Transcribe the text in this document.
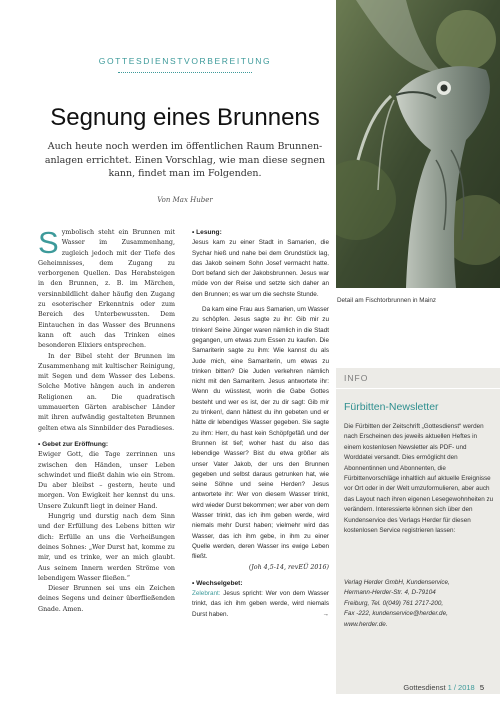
GOTTESDIENSTVORBEREITUNG
Segnung eines Brunnens
Auch heute noch werden im öffentlichen Raum Brunnen-anlagen errichtet. Einen Vorschlag, wie man diese segnen kann, findet man im Folgenden.
Von Max Huber

Symbolisch steht ein Brunnen mit Wasser im Zusammenhang, zugleich jedoch mit der Tiefe des Geheimnisses, dem Zugang zu verborgenen Quellen. Das Herabsteigen in den Brunnen, z. B. im Märchen, versinnbildlicht daher häufig den Zugang zu esoterischer Erkenntnis oder zum Bereich des Unterbewussten. Dem Eintauchen in das Wasser des Brunnens kann oft auch das Trinken eines besonderen Elixiers entsprechen.

In der Bibel steht der Brunnen im Zusammenhang mit kultischer Reinigung, mit Segen und dem Wasser des Lebens. Solche Motive hängen auch in anderen Religionen an. Die quadratisch ummauerten Gärten arabischer Länder mit ihren aufwändig gestalteten Brunnen gelten etwa als Sinnbilder des Paradieses.

• Gebet zur Eröffnung:

Ewiger Gott, die Tage zerrinnen uns zwischen den Händen, unser Leben schwindet und fließt dahin wie ein Strom. Du aber bleibst – gestern, heute und morgen. Von Ewigkeit her kennst du uns. Unsere Zukunft liegt in deiner Hand.

Hungrig und durstig nach dem Sinn und der Erfüllung des Lebens bitten wir dich: Erfülle an uns die Verheißungen deines Sohnes: „Wer Durst hat, komme zu mir, und es trinke, wer an mich glaubt. Aus seinem Innern werden Ströme von lebendigem Wasser fließen.“

Dieser Brunnen sei uns ein Zeichen deines Segens und deiner überfließenden Gnade. Amen.

• Lesung:

Jesus kam zu einer Stadt in Samarien, die Sychar hieß und nahe bei dem Grundstück lag, das Jakob seinem Sohn Josef vermacht hatte. Dort befand sich der Jakobsbrunnen. Jesus war müde von der Reise und setzte sich daher an den Brunnen; es war um die sechste Stunde.

Da kam eine Frau aus Samarien, um Wasser zu schöpfen. Jesus sagte zu ihr: Gib mir zu trinken! Seine Jünger waren nämlich in die Stadt gegangen, um etwas zum Essen zu kaufen. Die Samariterin sagte zu ihm: Wie kannst du als Jude mich, eine Samariterin, um etwas zu trinken bitten? Die Juden verkehren nämlich nicht mit den Samaritern. Jesus antwortete ihr: Wenn du wüsstest, worin die Gabe Gottes besteht und wer es ist, der zu dir sagt: Gib mir zu trinken!, dann hättest du ihn gebeten und er hätte dir lebendiges Wasser gegeben. Sie sagte zu ihm: Herr, du hast kein Schöpfgefäß und der Brunnen ist tief; woher hast du also das lebendige Wasser? Bist du etwa größer als unser Vater Jakob, der uns den Brunnen gegeben und selbst daraus getrunken hat, wie seine Söhne und seine Herden? Jesus antwortete ihr: Wer von diesem Wasser trinkt, wird wieder Durst bekommen; wer aber von dem Wasser trinkt, das ich ihm geben werde, wird niemals mehr Durst haben; vielmehr wird das Wasser, das ich ihm gebe, in ihm zu einer Quelle werden, deren Wasser ins ewige Leben fließt.

(Joh 4,5-14, revEÜ 2016)

• Wechselgebet:

Zelebrant: Jesus spricht: Wer von dem Wasser trinkt, das ich ihm geben werde, wird niemals Durst haben.	→

Detail am Fischtorbrunnen in Mainz
INFO
Fürbitten-Newsletter

Die Fürbitten der Zeitschrift „Gottesdienst“ werden nach Erscheinen des jeweils aktuellen Heftes in einem kostenlosen Newsletter als PDF- und Worddatei versandt. Dies ermöglicht den Abonnentinnen und Abonnenten, die Fürbittenvorschläge inhaltlich auf aktuelle Ereignisse vor Ort oder in der Welt umzuformulieren, aber auch das Layout nach ihren eigenen Lesegewohnheiten zu verändern. Interessierte können sich über den Kundenservice des Verlags Herder für diesen kostenlosen Service registrieren lassen:

Verlag Herder GmbH, Kundenservice,
Hermann-Herder-Str. 4, D-79104
Freiburg, Tel. 0(049) 761 2717-200,
Fax -222, kundenservice@herder.de,
www.herder.de.
Gottesdienst 1 / 2018 5
